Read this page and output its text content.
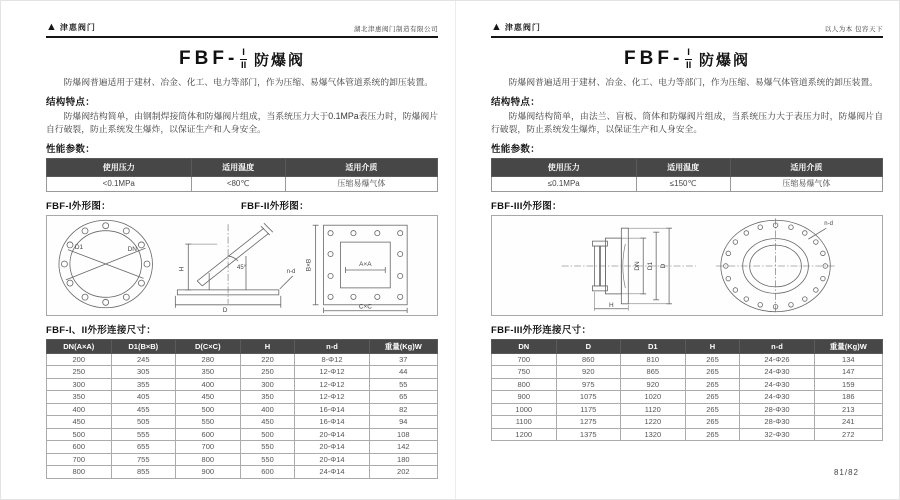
▲ 津惠阀门	湖北津惠阀门制造有限公司
$FBF- \frac{I}{II}$ 防爆阀

防爆阀普遍适用于建材、冶金、化工、电力等部门，作为压缩、易爆气体管道系统的卸压装置。

结构特点：

防爆阀结构简单，由钢制焊接筒体和防爆阀片组成，当系统压力大于0.1MPa表压力时，防爆阀片自行破裂，防止系统发生爆炸，以保证生产和人身安全。

性能参数：
使用压力	适用温度	适用介质
<0.1MPa	<80℃	压缩易爆气体
FBF-I外形图：	FBF-II外形图：
DN
D1
H
D
45°
n-d
A×A
B×B
C×C
FBF-I、II外形连接尺寸：
DN(A×A)	D1(B×B)	D(C×C)	H	n-d	重量(Kg)W
200	245	280	220	8-Φ12	37
250	305	350	250	12-Φ12	44
300	355	400	300	12-Φ12	55
350	405	450	350	12-Φ12	65
400	455	500	400	16-Φ14	82
450	505	550	450	16-Φ14	94
500	555	600	500	20-Φ14	108
600	655	700	550	20-Φ14	142
700	755	800	550	20-Φ14	180
800	855	900	600	24-Φ14	202
▲ 津惠阀门	以人为本 包容天下
$FBF- \frac{I}{II}$ 防爆阀

防爆阀普遍适用于建材、冶金、化工、电力等部门，作为压缩、易爆气体管道系统的卸压装置。

结构特点：

防爆阀结构简单，由法兰、盲板、筒体和防爆阀片组成，当系统压力大于表压力时，防爆阀片自行破裂，防止系统发生爆炸，以保证生产和人身安全。

性能参数：
使用压力	适用温度	适用介质
≤0.1MPa	≤150℃	压缩易爆气体
FBF-III外形图：
DN D1 D
H
n-d
FBF-III外形连接尺寸：
DN	D	D1	H	n-d	重量(Kg)W
700	860	810	265	24-Φ26	134
750	920	865	265	24-Φ30	147
800	975	920	265	24-Φ30	159
900	1075	1020	265	24-Φ30	186
1000	1175	1120	265	28-Φ30	213
1100	1275	1220	265	28-Φ30	241
1200	1375	1320	265	32-Φ30	272
81/82
